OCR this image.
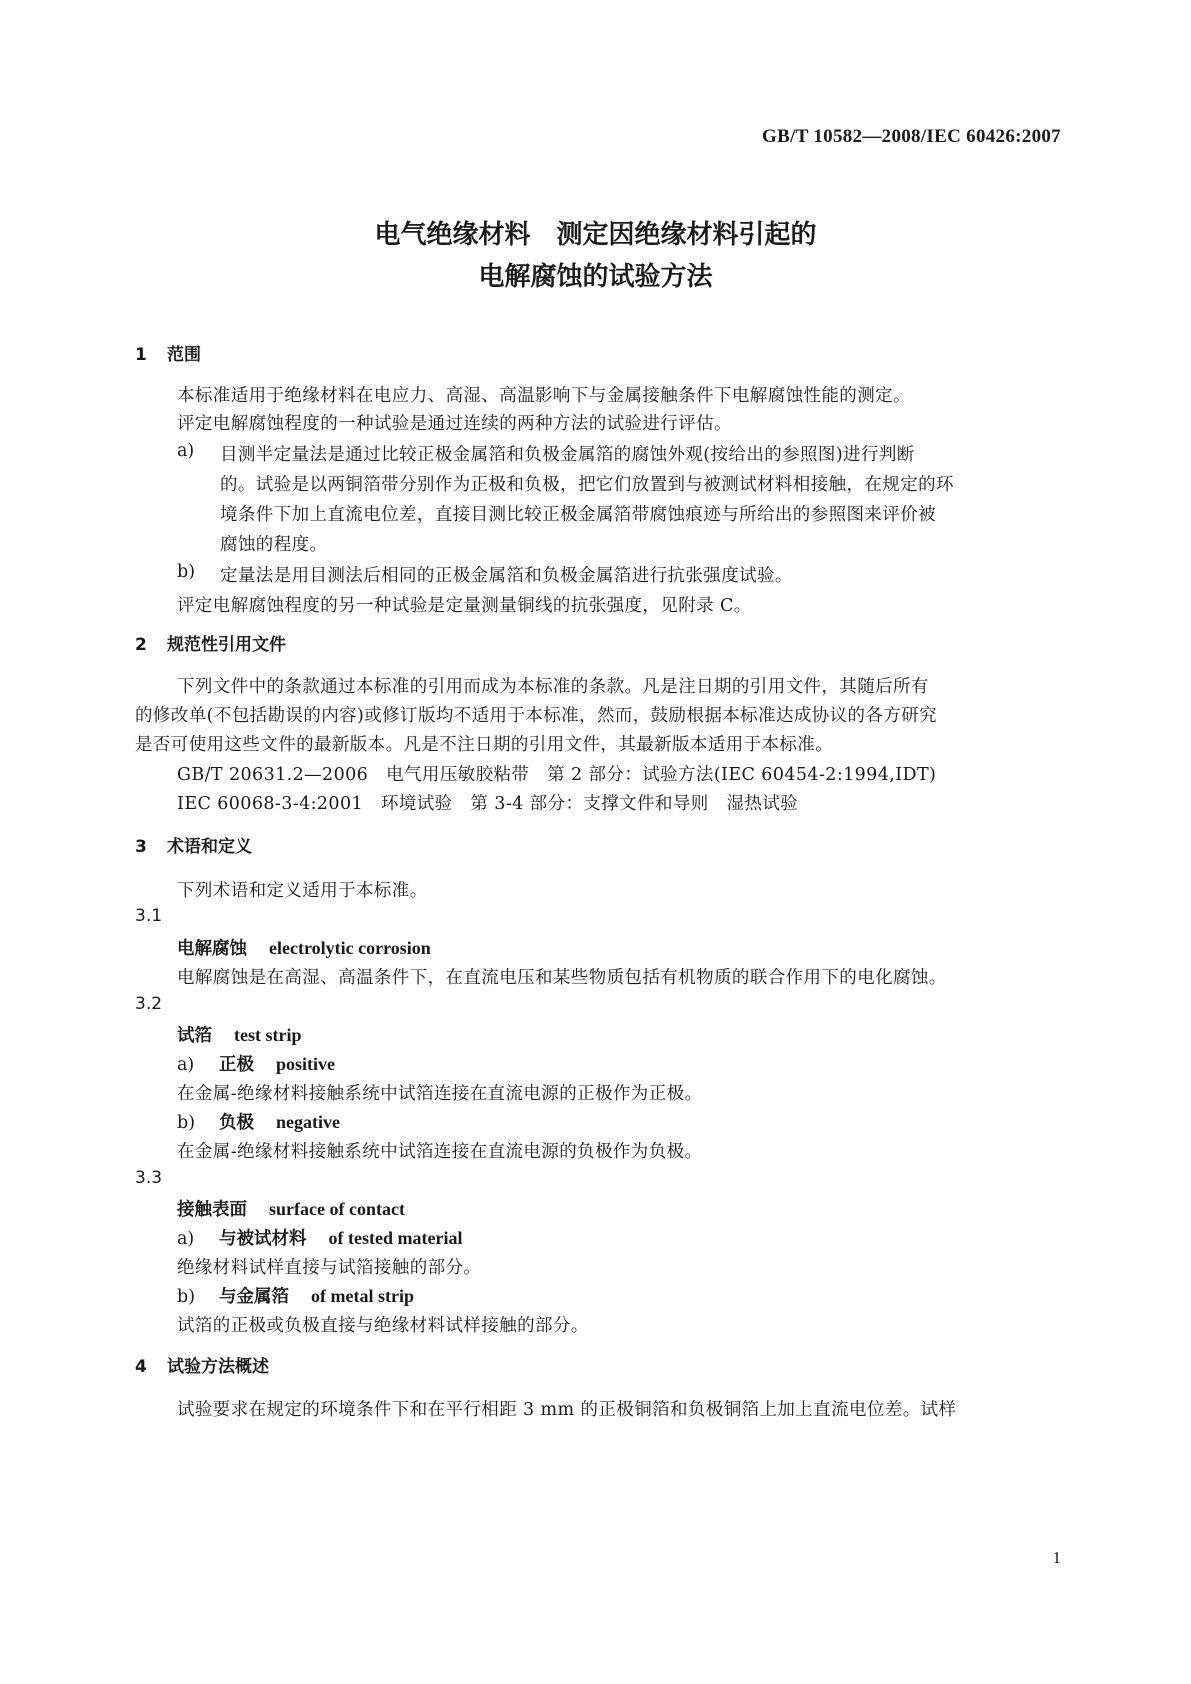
GB/T 10582—2008/IEC 60426:2007
电气绝缘材料　测定因绝缘材料引起的
电解腐蚀的试验方法
1 范围
本标准适用于绝缘材料在电应力、高湿、高温影响下与金属接触条件下电解腐蚀性能的测定。
评定电解腐蚀程度的一种试验是通过连续的两种方法的试验进行评估。
a) 目测半定量法是通过比较正极金属箔和负极金属箔的腐蚀外观(按给出的参照图)进行判断
的。试验是以两铜箔带分别作为正极和负极，把它们放置到与被测试材料相接触，在规定的环
境条件下加上直流电位差，直接目测比较正极金属箔带腐蚀痕迹与所给出的参照图来评价被
腐蚀的程度。
b) 定量法是用目测法后相同的正极金属箔和负极金属箔进行抗张强度试验。
评定电解腐蚀程度的另一种试验是定量测量铜线的抗张强度，见附录 C。
2 规范性引用文件
下列文件中的条款通过本标准的引用而成为本标准的条款。凡是注日期的引用文件，其随后所有
的修改单(不包括勘误的内容)或修订版均不适用于本标准，然而，鼓励根据本标准达成协议的各方研究
是否可使用这些文件的最新版本。凡是不注日期的引用文件，其最新版本适用于本标准。
GB/T 20631.2—2006　电气用压敏胶粘带　第 2 部分：试验方法(IEC 60454-2:1994,IDT)
IEC 60068-3-4:2001　环境试验　第 3-4 部分：支撑文件和导则　湿热试验
3 术语和定义
下列术语和定义适用于本标准。
3.1
电解腐蚀 electrolytic corrosion
电解腐蚀是在高湿、高温条件下，在直流电压和某些物质包括有机物质的联合作用下的电化腐蚀。
3.2
试箔 test strip
a) 正极 positive
在金属-绝缘材料接触系统中试箔连接在直流电源的正极作为正极。
b) 负极 negative
在金属-绝缘材料接触系统中试箔连接在直流电源的负极作为负极。
3.3
接触表面 surface of contact
a) 与被试材料 of tested material
绝缘材料试样直接与试箔接触的部分。
b) 与金属箔 of metal strip
试箔的正极或负极直接与绝缘材料试样接触的部分。
4 试验方法概述
试验要求在规定的环境条件下和在平行相距 3 mm 的正极铜箔和负极铜箔上加上直流电位差。试样
1
